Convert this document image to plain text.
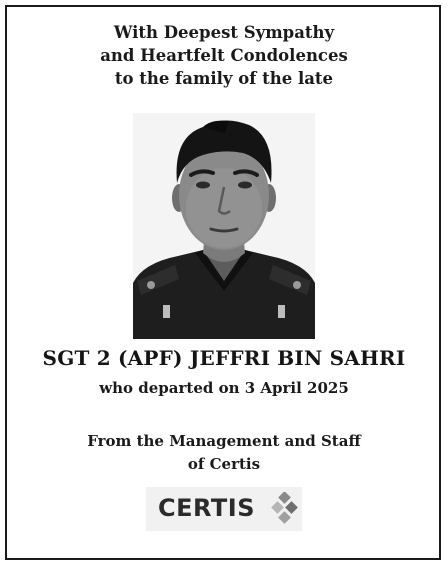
With Deepest Sympathy
and Heartfelt Condolences
to the family of the late
SGT 2 (APF) JEFFRI BIN SAHRI
who departed on 3 April 2025
From the Management and Staff
of Certis
CERTIS
